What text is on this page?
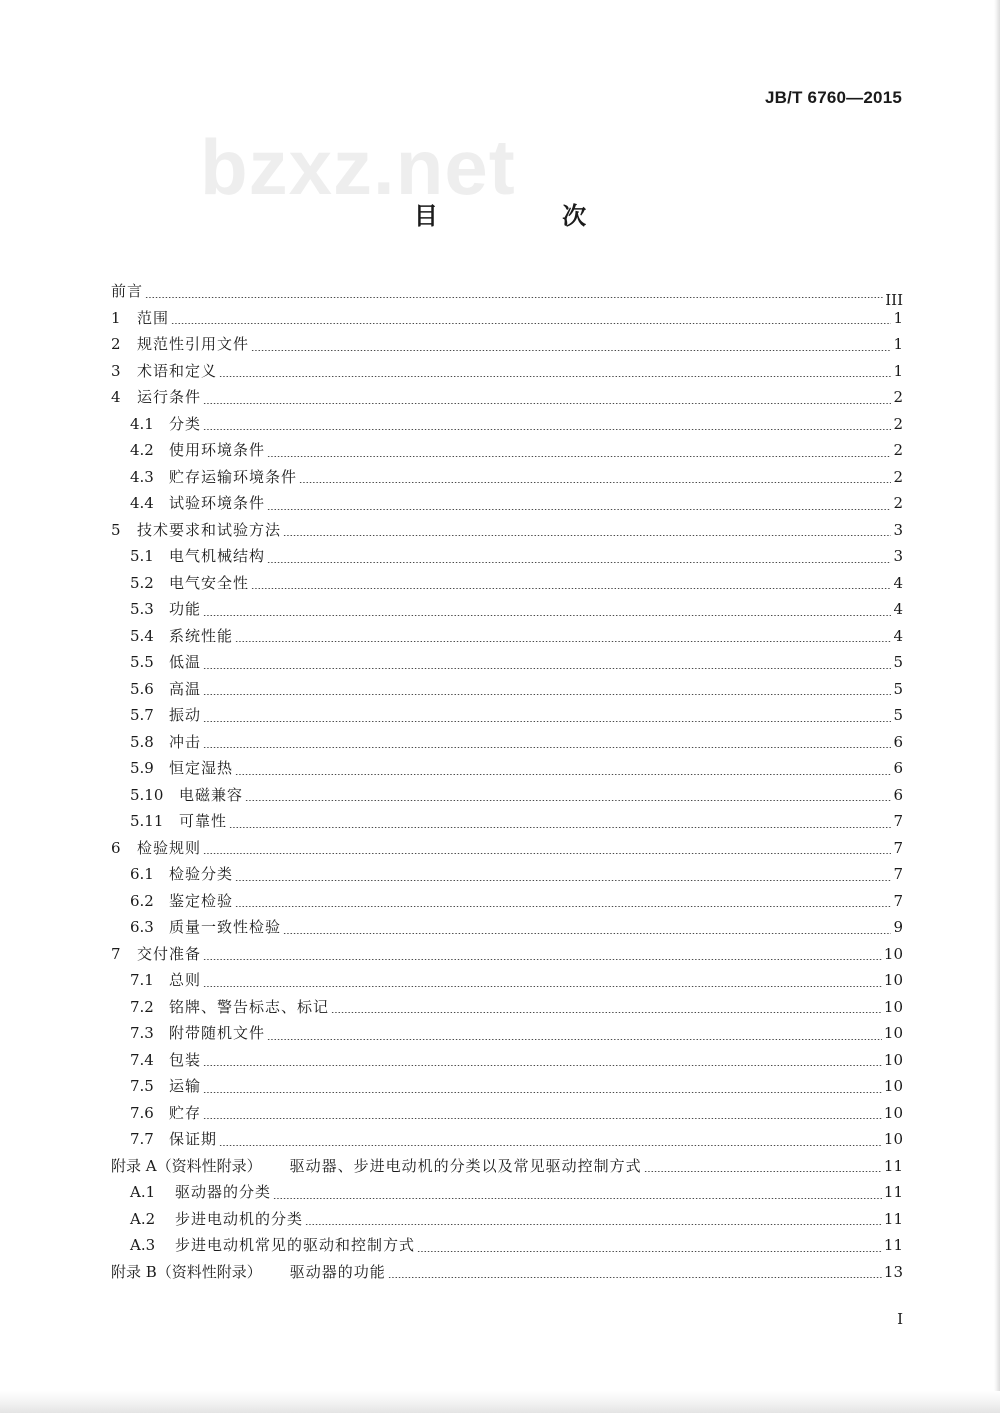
JB/T 6760—2015
bzxz.net
目 次
前言	III
1	范围	1
2	规范性引用文件	1
3	术语和定义	1
4	运行条件	2
4.1	分类	2
4.2	使用环境条件	2
4.3	贮存运输环境条件	2
4.4	试验环境条件	2
5	技术要求和试验方法	3
5.1	电气机械结构	3
5.2	电气安全性	4
5.3	功能	4
5.4	系统性能	4
5.5	低温	5
5.6	高温	5
5.7	振动	5
5.8	冲击	6
5.9	恒定湿热	6
5.10	电磁兼容	6
5.11	可靠性	7
6	检验规则	7
6.1	检验分类	7
6.2	鉴定检验	7
6.3	质量一致性检验	9
7	交付准备	10
7.1	总则	10
7.2	铭牌、警告标志、标记	10
7.3	附带随机文件	10
7.4	包装	10
7.5	运输	10
7.6	贮存	10
7.7	保证期	10
附录 A（资料性附录） 驱动器、步进电动机的分类以及常见驱动控制方式	11
A.1	驱动器的分类	11
A.2	步进电动机的分类	11
A.3	步进电动机常见的驱动和控制方式	11
附录 B（资料性附录） 驱动器的功能	13
I
